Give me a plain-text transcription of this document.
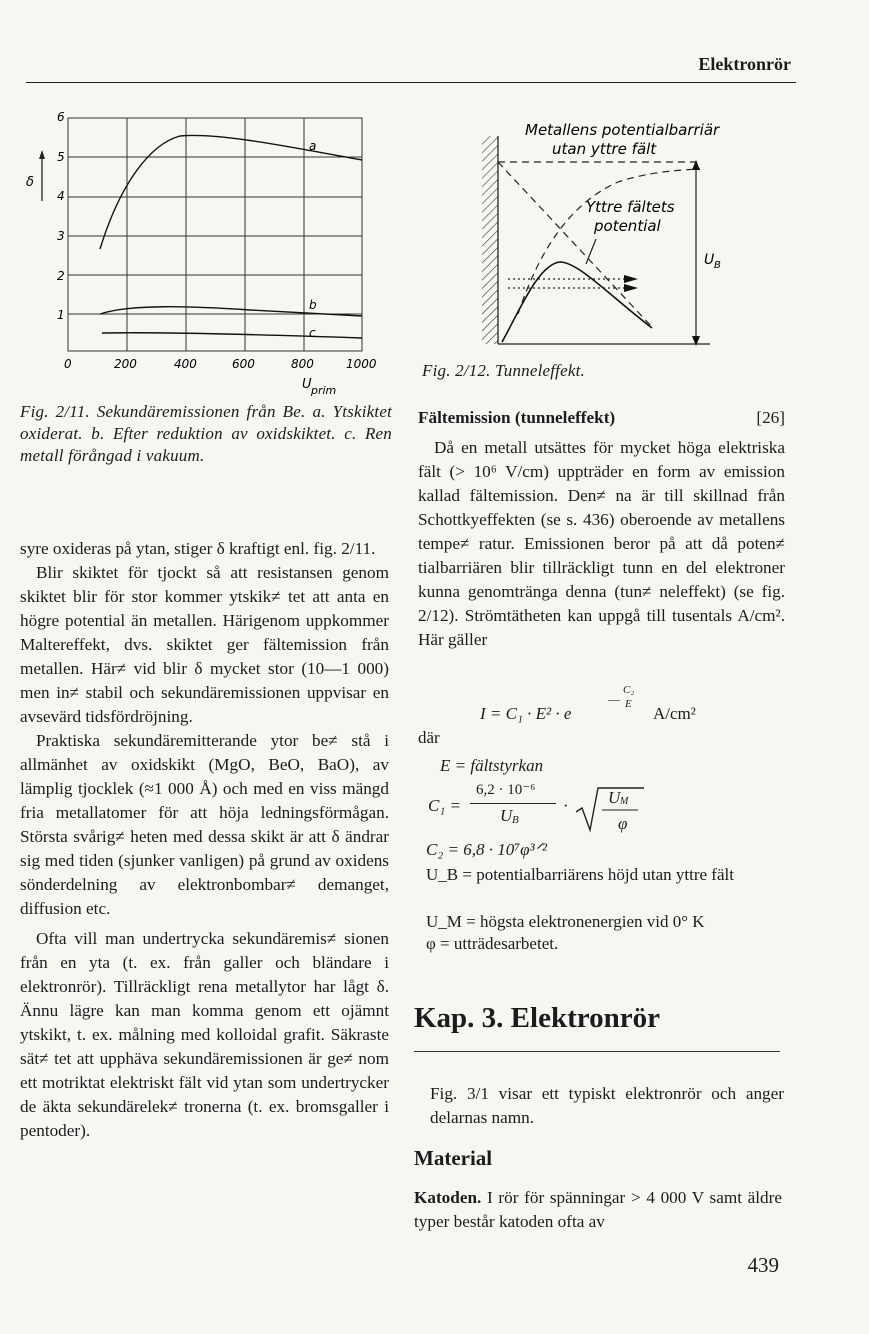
Elektronrör
δ
6
5
4
3
2
1
a
b
c
0	200	400	600	800	1000
U prim
Fig. 2/11. Sekundäremissionen från Be. a. Ytskiktet oxiderat. b. Efter reduktion av oxidskiktet. c. Ren metall förångad i vakuum.
Metallens potentialbarriär
utan yttre fält
Yttre fältets
potential
U B
Fig. 2/12. Tunneleffekt.

syre oxideras på ytan, stiger δ kraftigt enl. fig. 2/11.

Blir skiktet för tjockt så att resistansen genom skiktet blir för stor kommer ytskik≠ tet att anta en högre potential än metallen. Härigenom uppkommer Maltereffekt, dvs. skiktet ger fältemission från metallen. Här≠ vid blir δ mycket stor (10—1 000) men in≠ stabil och sekundäremissionen uppvisar en avsevärd tidsfördröjning.

Praktiska sekundäremitterande ytor be≠ stå i allmänhet av oxidskikt (MgO, BeO, BaO), av lämplig tjocklek (≈1 000 Å) och med en viss mängd fria metallatomer för att höja ledningsförmågan. Största svårig≠ heten med dessa skikt är att δ ändrar sig med tiden (sjunker vanligen) på grund av oxidens sönderdelning av elektronbombar≠ demanget, diffusion etc.

Ofta vill man undertrycka sekundäremis≠ sionen från en yta (t. ex. från galler och bländare i elektronrör). Tillräckligt rena metallytor har lågt δ. Ännu lägre kan man komma genom ett ojämnt ytskikt, t. ex. målning med kolloidal grafit. Säkraste sät≠ tet att upphäva sekundäremissionen är ge≠ nom ett motriktat elektriskt fält vid ytan som undertrycker de äkta sekundärelek≠ tronerna (t. ex. bromsgaller i pentoder).

Fältemission (tunneleffekt)	[26]

Då en metall utsättes för mycket höga elektriska fält (> 10⁶ V/cm) uppträder en form av emission kallad fältemission. Den≠ na är till skillnad från Schottkyeffekten (se s. 436) oberoende av metallens tempe≠ ratur. Emissionen beror på att då poten≠ tialbarriären blir tillräckligt tunn en del elektroner kunna genomtränga denna (tun≠ neleffekt) (se fig. 2/12). Strömtätheten kan uppgå till tusentals A/cm². Här gäller

I = C₁ · E² · e
C₂
— E A/cm²
där
E = fältstyrkan
C₁ =
6,2 · 10⁻⁶
U B
· U M
φ
C₂ = 6,8 · 10⁷φ³ᐟ²
U_B = potentialbarriärens höjd utan yttre fält
U_M = högsta elektronenergien vid 0° K
φ = utträdesarbetet.
Kap. 3. Elektronrör
Fig. 3/1 visar ett typiskt elektronrör och anger delarnas namn.
Material
Katoden. I rör för spänningar > 4 000 V samt äldre typer består katoden ofta av
439
